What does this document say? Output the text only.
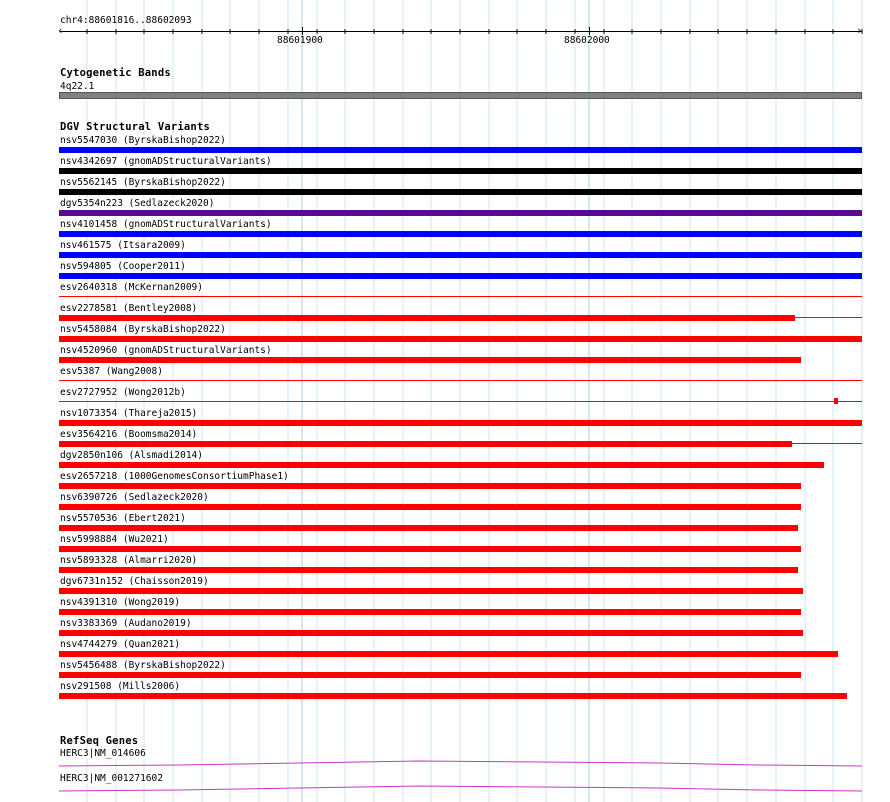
chr4:88601816..88602093
‹	›
88601900	88602000
Cytogenetic Bands
4q22.1
DGV Structural Variants
nsv5547030 (ByrskaBishop2022)
nsv4342697 (gnomADStructuralVariants)
nsv5562145 (ByrskaBishop2022)
dgv5354n223 (Sedlazeck2020)
nsv4101458 (gnomADStructuralVariants)
nsv461575 (Itsara2009)
nsv594805 (Cooper2011)
esv2640318 (McKernan2009)
esv2278581 (Bentley2008)
nsv5458084 (ByrskaBishop2022)
nsv4520960 (gnomADStructuralVariants)
esv5387 (Wang2008)
esv2727952 (Wong2012b)
nsv1073354 (Thareja2015)
esv3564216 (Boomsma2014)
dgv2850n106 (Alsmadi2014)
esv2657218 (1000GenomesConsortiumPhase1)
nsv6390726 (Sedlazeck2020)
nsv5570536 (Ebert2021)
nsv5998884 (Wu2021)
nsv5893328 (Almarri2020)
dgv6731n152 (Chaisson2019)
nsv4391310 (Wong2019)
nsv3383369 (Audano2019)
nsv4744279 (Quan2021)
nsv5456488 (ByrskaBishop2022)
nsv291508 (Mills2006)
RefSeq Genes
HERC3|NM_014606
HERC3|NM_001271602
